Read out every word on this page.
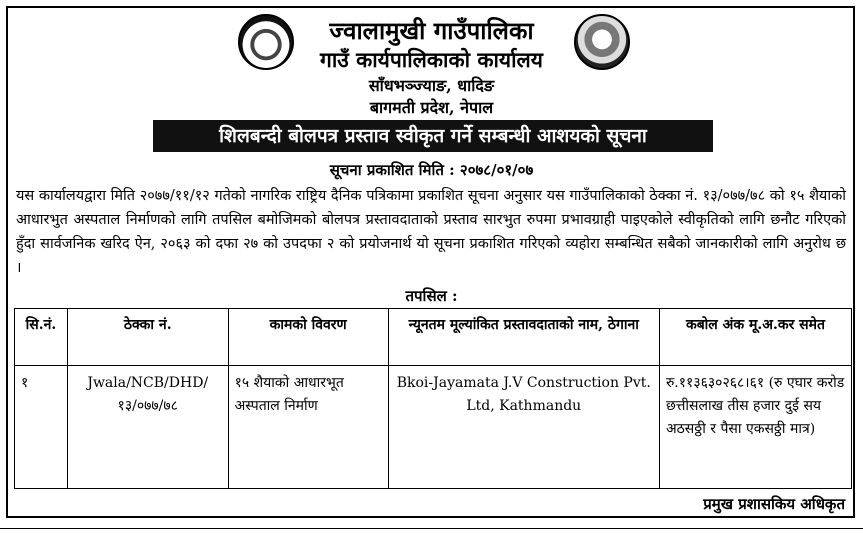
ज्वालामुखी गाउँपालिका
गाउँ कार्यपालिकाको कार्यालय
साँधभञ्ज्याङ, धादिङ
बागमती प्रदेश, नेपाल
शिलबन्दी बोलपत्र प्रस्ताव स्वीकृत गर्ने सम्बन्धी आशयको सूचना
सूचना प्रकाशित मिति : २०७८/०१/०७
यस कार्यालयद्वारा मिति २०७७/११/१२ गतेको नागरिक राष्ट्रिय दैनिक पत्रिकामा प्रकाशित सूचना अनुसार यस गाउँपालिकाको ठेक्का नं. १३/०७७/७८ को १५ शैयाको आधारभुत अस्पताल निर्माणको लागि तपसिल बमोजिमको बोलपत्र प्रस्तावदाताको प्रस्ताव सारभुत रुपमा प्रभावग्राही पाइएकोले स्वीकृतिको लागि छनौट गरिएको हुँदा सार्वजनिक खरिद ऐन, २०६३ को दफा २७ को उपदफा २ को प्रयोजनार्थ यो सूचना प्रकाशित गरिएको व्यहोरा सम्बन्धित सबैको जानकारीको लागि अनुरोध छ ।
तपसिल :
सि.नं.	ठेक्का नं.	कामको विवरण	न्यूनतम मूल्यांकित प्रस्तावदाताको नाम, ठेगाना	कबोल अंक मू.अ.कर समेत
१	Jwala/NCB/DHD/ १३/०७७/७८	१५ शैयाको आधारभूत अस्पताल निर्माण	Bkoi-Jayamata J.V Construction Pvt. Ltd, Kathmandu	रु.११३६३०२६८।६१ (रु एघार करोड छत्तीसलाख तीस हजार दुई सय अठसठ्ठी र पैसा एकसठ्ठी मात्र)
प्रमुख प्रशासकिय अधिकृत
